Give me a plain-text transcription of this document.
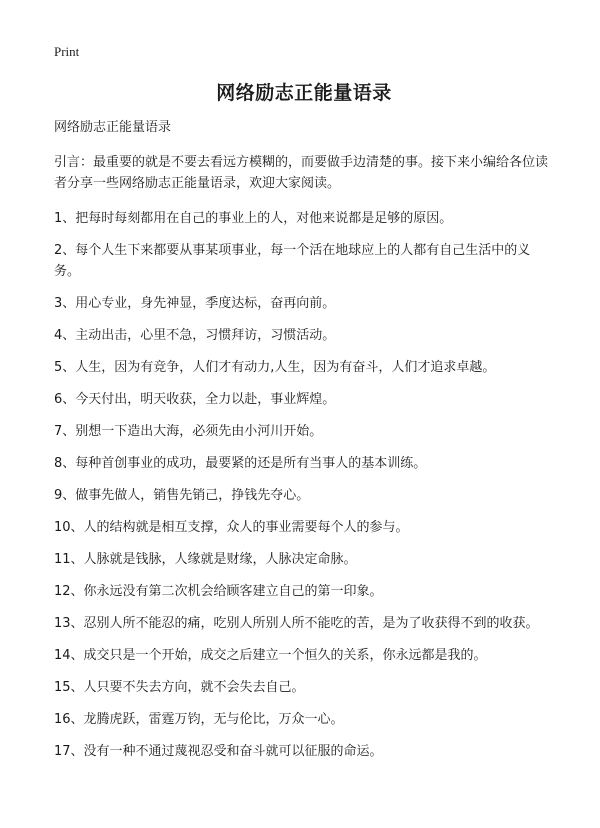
Print
网络励志正能量语录
网络励志正能量语录

引言：最重要的就是不要去看远方模糊的，而要做手边清楚的事。接下来小编给各位读者分享一些网络励志正能量语录，欢迎大家阅读。

1、把每时每刻都用在自己的事业上的人，对他来说都是足够的原因。

2、每个人生下来都要从事某项事业，每一个活在地球应上的人都有自己生活中的义务。

3、用心专业，身先神显，季度达标，奋再向前。

4、主动出击，心里不急，习惯拜访，习惯活动。

5、人生，因为有竞争，人们才有动力,人生，因为有奋斗，人们才追求卓越。

6、今天付出，明天收获，全力以赴，事业辉煌。

7、别想一下造出大海，必须先由小河川开始。

8、每种首创事业的成功，最要紧的还是所有当事人的基本训练。

9、做事先做人，销售先销己，挣钱先夺心。

10、人的结构就是相互支撑，众人的事业需要每个人的参与。

11、人脉就是钱脉，人缘就是财缘，人脉决定命脉。

12、你永远没有第二次机会给顾客建立自己的第一印象。

13、忍别人所不能忍的痛，吃别人所别人所不能吃的苦，是为了收获得不到的收获。

14、成交只是一个开始，成交之后建立一个恒久的关系，你永远都是我的。

15、人只要不失去方向，就不会失去自己。

16、龙腾虎跃，雷霆万钧，无与伦比，万众一心。

17、没有一种不通过蔑视忍受和奋斗就可以征服的命运。
